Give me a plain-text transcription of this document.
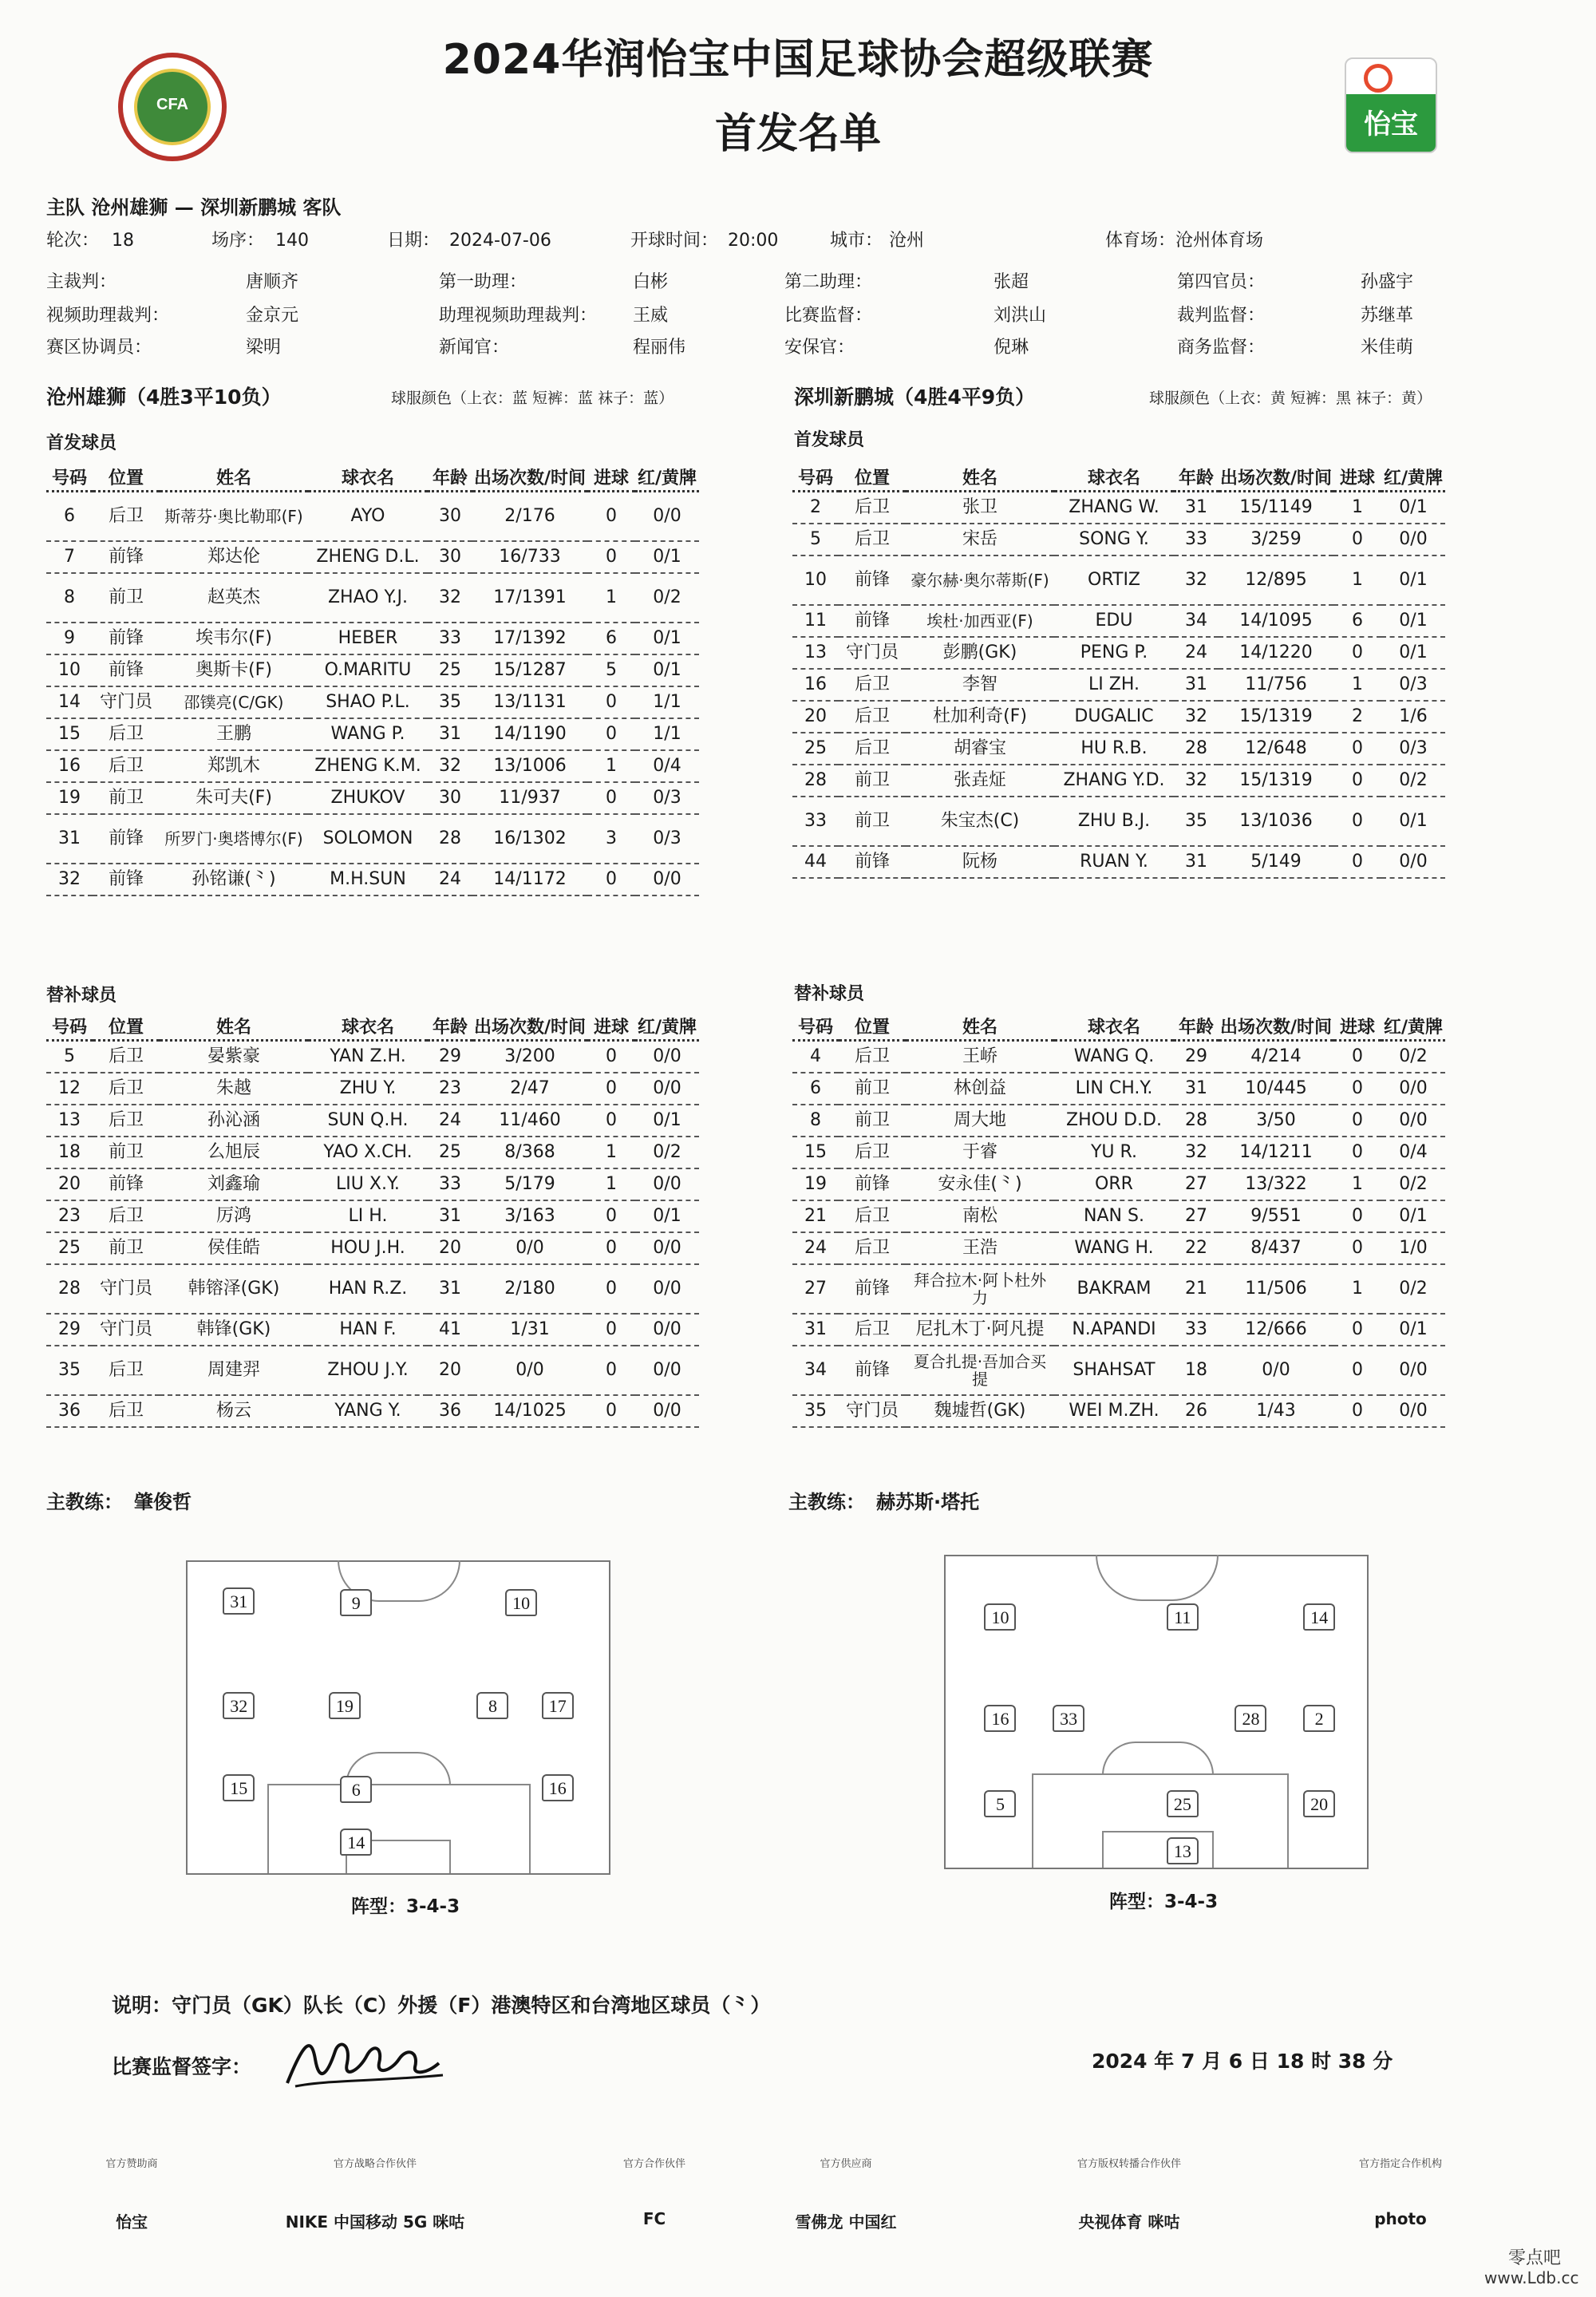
CFA
2024华润怡宝中国足球协会超级联赛
首发名单	怡宝
主队 沧州雄狮 — 深圳新鹏城 客队
轮次： 18	场序： 140	日期： 2024-07-06	开球时间： 20:00	城市： 沧州	体育场：沧州体育场
主裁判：	唐顺齐	第一助理：	白彬	第二助理：	张超	第四官员：	孙盛宇
视频助理裁判：	金京元	助理视频助理裁判： 王威	比赛监督：	刘洪山	裁判监督：	苏继革
赛区协调员：	梁明	新闻官：	程丽伟	安保官：	倪琳	商务监督：	米佳萌
沧州雄狮（4胜3平10负）	球服颜色（上衣：蓝 短裤：蓝 袜子：蓝）	深圳新鹏城（4胜4平9负）	球服颜色（上衣：黄 短裤：黑 袜子：黄）
首发球员	首发球员
替补球员	替补球员
号码	位置	姓名	球衣名	年龄	出场次数/时间	进球	红/黄牌
6	后卫	斯蒂芬·奥比勒耶(F)	AYO	30	2/176	0	0/0
7	前锋	郑达伦	ZHENG D.L.	30	16/733	0	0/1
8	前卫	赵英杰	ZHAO Y.J.	32	17/1391	1	0/2
9	前锋	埃韦尔(F)	HEBER	33	17/1392	6	0/1
10	前锋	奥斯卡(F)	O.MARITU	25	15/1287	5	0/1
14	守门员	邵镤亮(C/GK)	SHAO P.L.	35	13/1131	0	1/1
15	后卫	王鹏	WANG P.	31	14/1190	0	1/1
16	后卫	郑凯木	ZHENG K.M.	32	13/1006	1	0/4
19	前卫	朱可夫(F)	ZHUKOV	30	11/937	0	0/3
31	前锋	所罗门·奥塔博尔(F)	SOLOMON	28	16/1302	3	0/3
32	前锋	孙铭谦(⺀)	M.H.SUN	24	14/1172	0	0/0
号码	位置	姓名	球衣名	年龄	出场次数/时间	进球	红/黄牌
2	后卫	张卫	ZHANG W.	31	15/1149	1	0/1
5	后卫	宋岳	SONG Y.	33	3/259	0	0/0
10	前锋	豪尔赫·奥尔蒂斯(F)	ORTIZ	32	12/895	1	0/1
11	前锋	埃杜·加西亚(F)	EDU	34	14/1095	6	0/1
13	守门员	彭鹏(GK)	PENG P.	24	14/1220	0	0/1
16	后卫	李智	LI ZH.	31	11/756	1	0/3
20	后卫	杜加利奇(F)	DUGALIC	32	15/1319	2	1/6
25	后卫	胡睿宝	HU R.B.	28	12/648	0	0/3
28	前卫	张垚炡	ZHANG Y.D.	32	15/1319	0	0/2
33	前卫	朱宝杰(C)	ZHU B.J.	35	13/1036	0	0/1
44	前锋	阮杨	RUAN Y.	31	5/149	0	0/0
号码	位置	姓名	球衣名	年龄	出场次数/时间	进球	红/黄牌
5	后卫	晏紫豪	YAN Z.H.	29	3/200	0	0/0
12	后卫	朱越	ZHU Y.	23	2/47	0	0/0
13	后卫	孙沁涵	SUN Q.H.	24	11/460	0	0/1
18	前卫	么旭辰	YAO X.CH.	25	8/368	1	0/2
20	前锋	刘鑫瑜	LIU X.Y.	33	5/179	1	0/0
23	后卫	厉鸿	LI H.	31	3/163	0	0/1
25	前卫	侯佳皓	HOU J.H.	20	0/0	0	0/0
28	守门员	韩镕泽(GK)	HAN R.Z.	31	2/180	0	0/0
29	守门员	韩锋(GK)	HAN F.	41	1/31	0	0/0
35	后卫	周建羿	ZHOU J.Y.	20	0/0	0	0/0
36	后卫	杨云	YANG Y.	36	14/1025	0	0/0
号码	位置	姓名	球衣名	年龄	出场次数/时间	进球	红/黄牌
4	后卫	王峤	WANG Q.	29	4/214	0	0/2
6	前卫	林创益	LIN CH.Y.	31	10/445	0	0/0
8	前卫	周大地	ZHOU D.D.	28	3/50	0	0/0
15	后卫	于睿	YU R.	32	14/1211	0	0/4
19	前锋	安永佳(⺀)	ORR	27	13/322	1	0/2
21	后卫	南松	NAN S.	27	9/551	0	0/1
24	后卫	王浩	WANG H.	22	8/437	0	1/0
27	前锋	拜合拉木·阿卜杜外力	BAKRAM	21	11/506	1	0/2
31	后卫	尼扎木丁·阿凡提	N.APANDI	33	12/666	0	0/1
34	前锋	夏合扎提·吾加合买提	SHAHSAT	18	0/0	0	0/0
35	守门员	魏墟哲(GK)	WEI M.ZH.	26	1/43	0	0/0
主教练： 肇俊哲	主教练： 赫苏斯·塔托
31	9	10
32	19	8	17
15	6	16
14
10	11	14
16	33	28	2
5	25	20
13
阵型：3-4-3	阵型：3-4-3
说明：守门员（GK）队长（C）外援（F）港澳特区和台湾地区球员（⺀）
比赛监督签字：	2024 年 7 月 6 日 18 时 38 分
官方赞助商
怡宝
官方战略合作伙伴
NIKE 中国移动 5G 咪咕
官方合作伙伴
FC
官方供应商
雪佛龙 中国红
官方版权转播合作伙伴
央视体育 咪咕
官方指定合作机构
photo
零点吧
www.Ldb.cc
